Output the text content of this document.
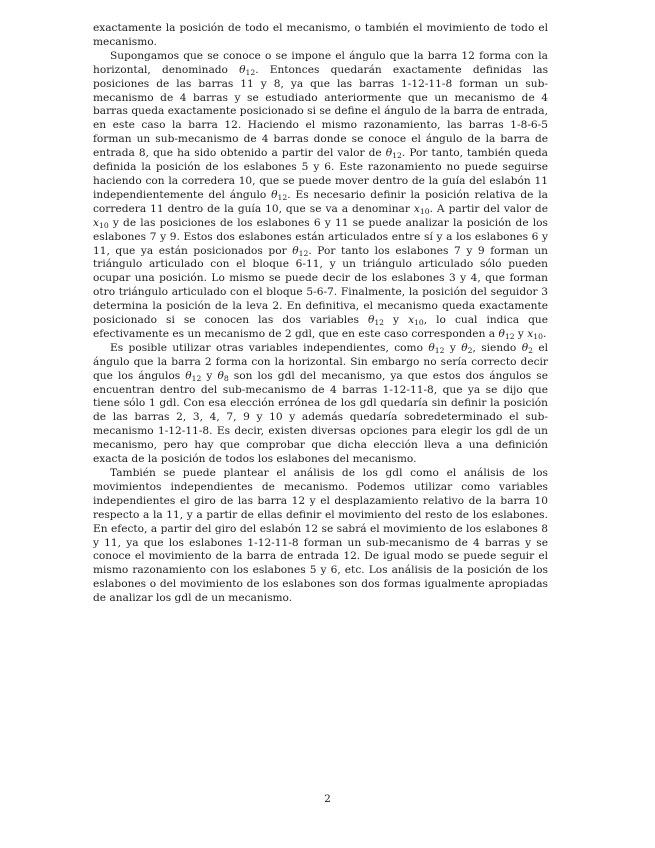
exactamente la posición de todo el mecanismo, o también el movimiento de todo el mecanismo.

Supongamos que se conoce o se impone el ángulo que la barra 12 forma con la horizontal, denominado $\theta_{12}$. Entonces quedarán exactamente definidas las posiciones de las barras 11 y 8, ya que las barras 1-12-11-8 forman un sub-mecanismo de 4 barras y se estudiado anteriormente que un mecanismo de 4 barras queda exactamente posicionado si se define el ángulo de la barra de entrada, en este caso la barra 12. Haciendo el mismo razonamiento, las barras 1-8-6-5 forman un sub-mecanismo de 4 barras donde se conoce el ángulo de la barra de entrada 8, que ha sido obtenido a partir del valor de $\theta_{12}$. Por tanto, también queda definida la posición de los eslabones 5 y 6. Este razonamiento no puede seguirse haciendo con la corredera 10, que se puede mover dentro de la guía del eslabón 11 independientemente del ángulo $\theta_{12}$. Es necesario definir la posición relativa de la corredera 11 dentro de la guía 10, que se va a denominar $x_{10}$. A partir del valor de $x_{10}$ y de las posiciones de los eslabones 6 y 11 se puede analizar la posición de los eslabones 7 y 9. Estos dos eslabones están articulados entre sí y a los eslabones 6 y 11, que ya están posicionados por $\theta_{12}$. Por tanto los eslabones 7 y 9 forman un triángulo articulado con el bloque 6-11, y un triángulo articulado sólo pueden ocupar una posición. Lo mismo se puede decir de los eslabones 3 y 4, que forman otro triángulo articulado con el bloque 5-6-7. Finalmente, la posición del seguidor 3 determina la posición de la leva 2. En definitiva, el mecanismo queda exactamente posicionado si se conocen las dos variables $\theta_{12}$ y $x_{10}$, lo cual indica que efectivamente es un mecanismo de 2 gdl, que en este caso corresponden a $\theta_{12}$ y $x_{10}$.

Es posible utilizar otras variables independientes, como $\theta_{12}$ y $\theta_2$, siendo $\theta_2$ el ángulo que la barra 2 forma con la horizontal. Sin embargo no sería correcto decir que los ángulos $\theta_{12}$ y $\theta_8$ son los gdl del mecanismo, ya que estos dos ángulos se encuentran dentro del sub-mecanismo de 4 barras 1-12-11-8, que ya se dijo que tiene sólo 1 gdl. Con esa elección errónea de los gdl quedaría sin definir la posición de las barras 2, 3, 4, 7, 9 y 10 y además quedaría sobredeterminado el sub-mecanismo 1-12-11-8. Es decir, existen diversas opciones para elegir los gdl de un mecanismo, pero hay que comprobar que dicha elección lleva a una definición exacta de la posición de todos los eslabones del mecanismo.

También se puede plantear el análisis de los gdl como el análisis de los movimientos independientes de mecanismo. Podemos utilizar como variables independientes el giro de las barra 12 y el desplazamiento relativo de la barra 10 respecto a la 11, y a partir de ellas definir el movimiento del resto de los eslabones. En efecto, a partir del giro del eslabón 12 se sabrá el movimiento de los eslabones 8 y 11, ya que los eslabones 1-12-11-8 forman un sub-mecanismo de 4 barras y se conoce el movimiento de la barra de entrada 12. De igual modo se puede seguir el mismo razonamiento con los eslabones 5 y 6, etc. Los análisis de la posición de los eslabones o del movimiento de los eslabones son dos formas igualmente apropiadas de analizar los gdl de un mecanismo.

2
